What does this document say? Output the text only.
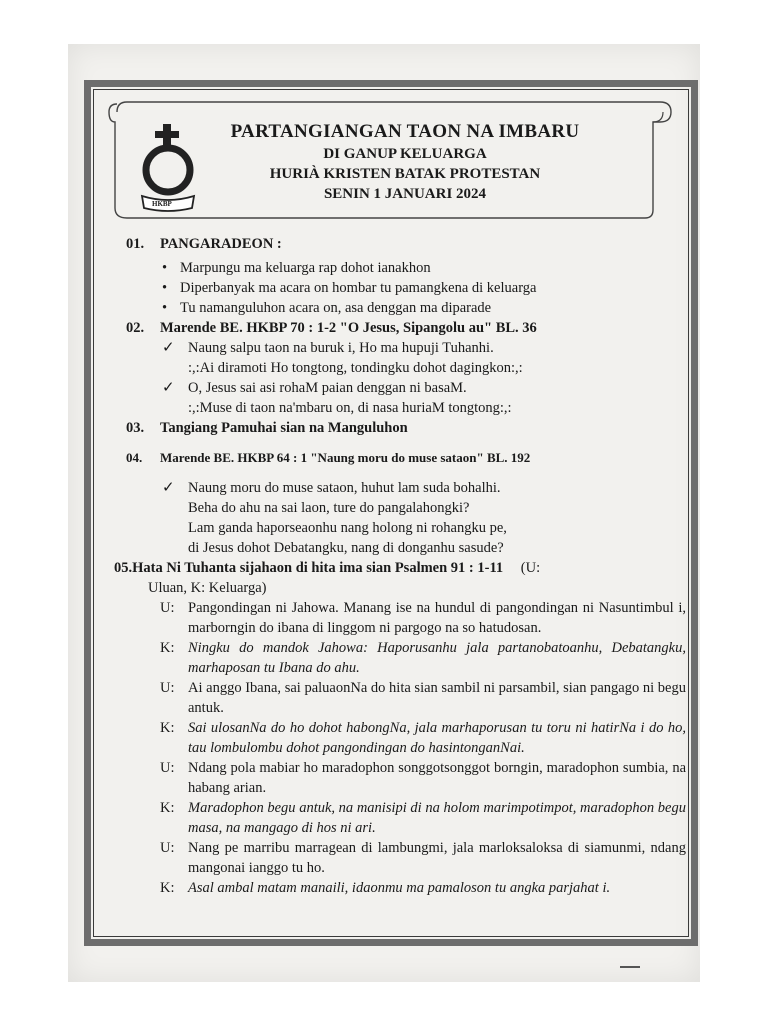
HKBP

PARTANGIANGAN TAON NA IMBARU

DI GANUP KELUARGA

HURIÀ KRISTEN BATAK PROTESTAN

SENIN 1 JANUARI 2024

01. PANGARADEON :

• Marpungu ma keluarga rap dohot ianakhon
• Diperbanyak ma acara on hombar tu pamangkena di keluarga
• Tu namanguluhon acara on, asa denggan ma diparade

02. Marende BE. HKBP 70 : 1-2 "O Jesus, Sipangolu au" BL. 36

✓ Naung salpu taon na buruk i, Ho ma hupuji Tuhanhi.
:,:Ai diramoti Ho tongtong, tondingku dohot dagingkon:,:
✓ O, Jesus sai asi rohaM paian denggan ni basaM.
:,:Muse di taon na'mbaru on, di nasa huriaM tongtong:,:

03. Tangiang Pamuhai sian na Manguluhon

04. Marende BE. HKBP 64 : 1 "Naung moru do muse sataon" BL. 192

✓ Naung moru do muse sataon, huhut lam suda bohalhi.
Beha do ahu na sai laon, ture do pangalahongki?
Lam ganda haporseaonhu nang holong ni rohangku pe,
di Jesus dohot Debatangku, nang di donganhu sasude?

05.Hata Ni Tuhanta sijahaon di hita ima sian Psalmen 91 : 1-11 (U:

Uluan, K: Keluarga)
U: Pangondingan ni Jahowa. Manang ise na hundul di pangondingan ni Nasuntimbul i, marborngin do ibana di linggom ni pargogo na so hatudosan.
K: Ningku do mandok Jahowa: Haporusanhu jala partanobatoanhu, Debatangku, marhaposan tu Ibana do ahu.
U: Ai anggo Ibana, sai paluaonNa do hita sian sambil ni parsambil, sian pangago ni begu antuk.
K: Sai ulosanNa do ho dohot habongNa, jala marhaporusan tu toru ni hatirNa i do ho, tau lombulombu dohot pangondingan do hasintonganNai.
U: Ndang pola mabiar ho maradophon songgotsonggot borngin, maradophon sumbia, na habang arian.
K: Maradophon begu antuk, na manisipi di na holom marimpotimpot, maradophon begu masa, na mangago di hos ni ari.
U: Nang pe marribu marragean di lambungmi, jala marloksaloksa di siamunmi, ndang mangonai ianggo tu ho.
K: Asal ambal matam manaili, idaonmu ma pamaloson tu angka parjahat i.
